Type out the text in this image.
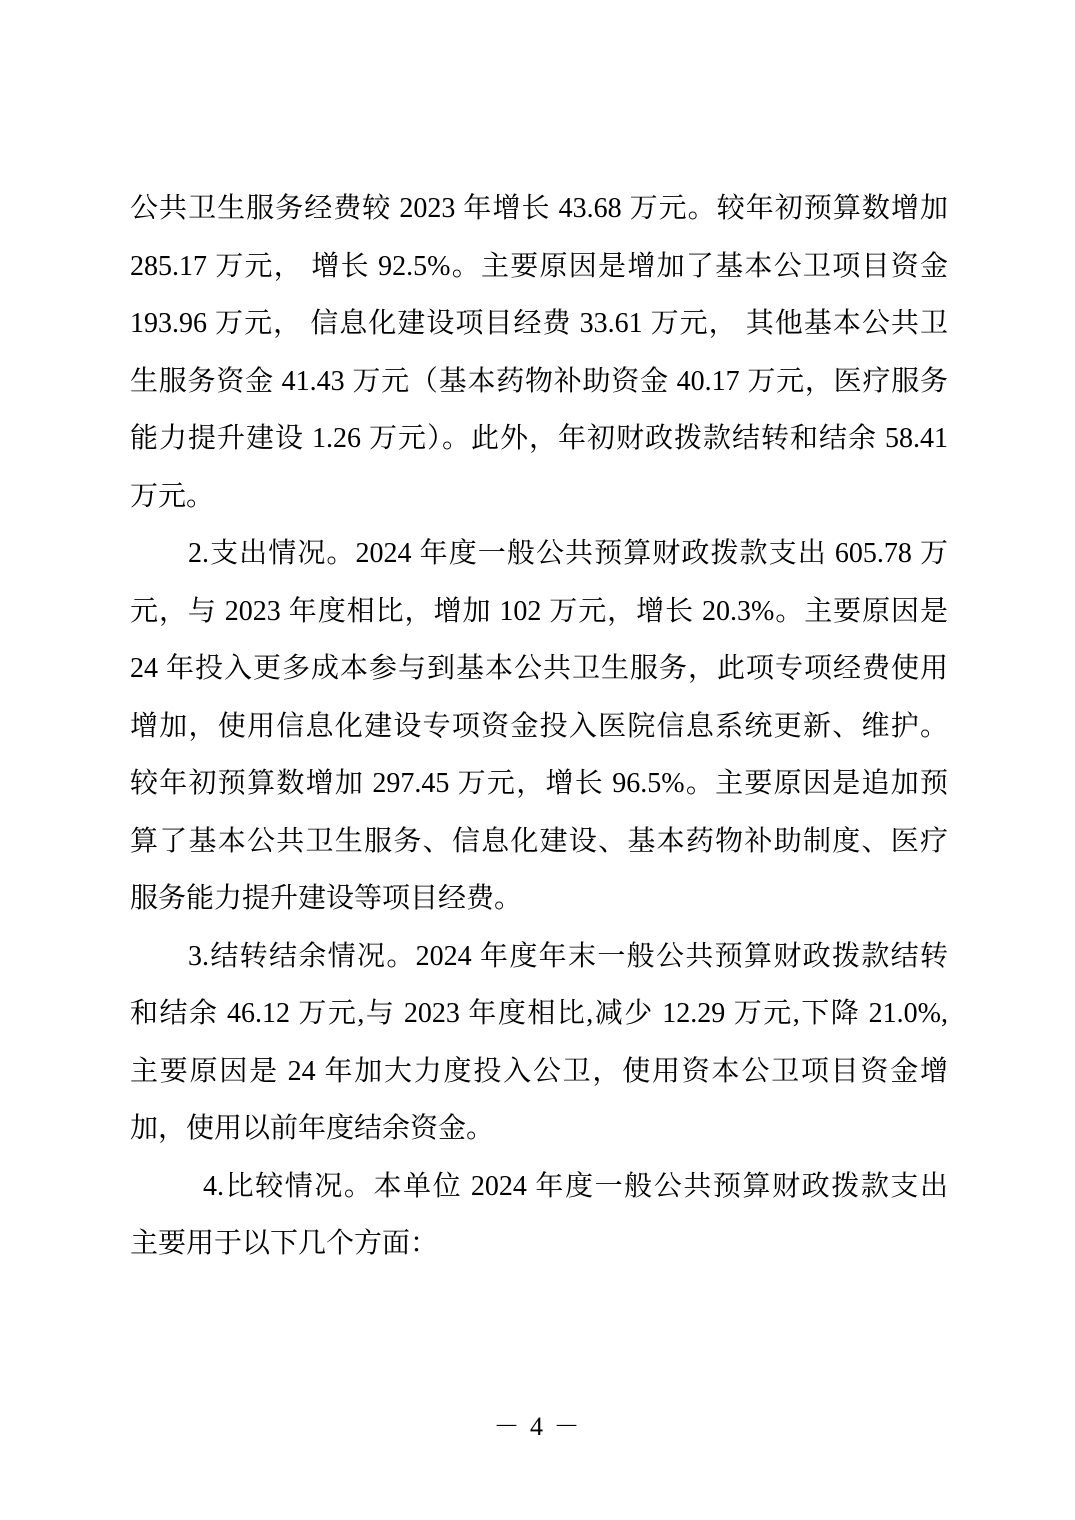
公共卫生服务经费较 2023 年增长 43.68 万元。较年初预算数增加
285.17 万元， 增长 92.5%。主要原因是增加了基本公卫项目资金
193.96 万元， 信息化建设项目经费 33.61 万元， 其他基本公共卫
生服务资金 41.43 万元（基本药物补助资金 40.17 万元，医疗服务
能力提升建设 1.26 万元）。此外，年初财政拨款结转和结余 58.41
万元。
2.支出情况。2024 年度一般公共预算财政拨款支出 605.78 万
元，与 2023 年度相比，增加 102 万元，增长 20.3%。主要原因是
24 年投入更多成本参与到基本公共卫生服务，此项专项经费使用
增加，使用信息化建设专项资金投入医院信息系统更新、维护。
较年初预算数增加 297.45 万元，增长 96.5%。主要原因是追加预
算了基本公共卫生服务、信息化建设、基本药物补助制度、医疗
服务能力提升建设等项目经费。
3.结转结余情况。2024 年度年末一般公共预算财政拨款结转
和结余 46.12 万元,与 2023 年度相比,减少 12.29 万元,下降 21.0%,
主要原因是 24 年加大力度投入公卫，使用资本公卫项目资金增
加，使用以前年度结余资金。
4.比较情况。本单位 2024 年度一般公共预算财政拨款支出
主要用于以下几个方面：
－ 4 －
